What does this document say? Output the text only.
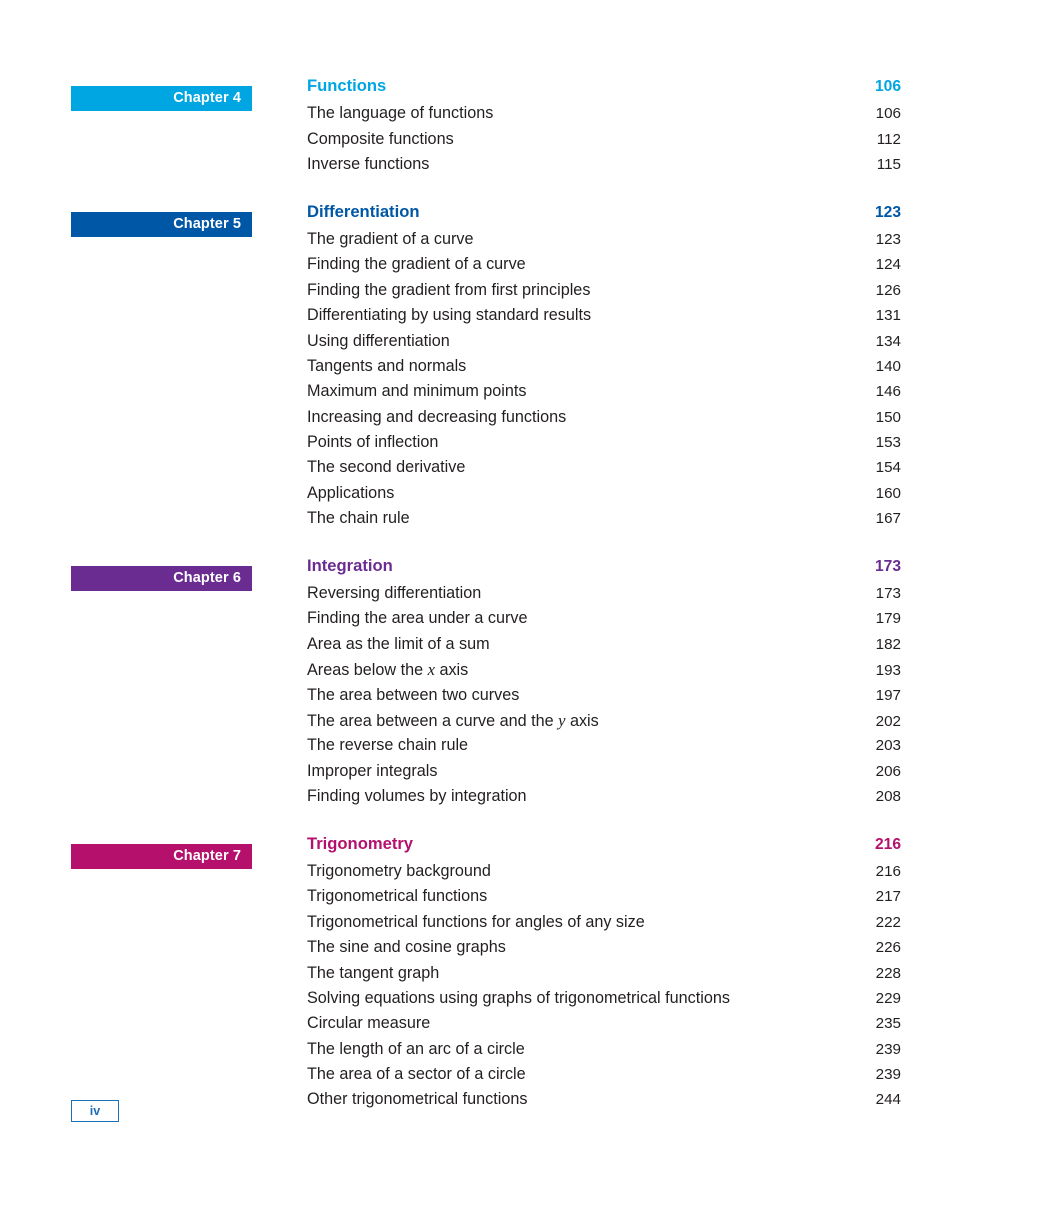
Chapter 4
Functions	106
The language of functions	106
Composite functions	112
Inverse functions	115
Chapter 5
Differentiation	123
The gradient of a curve	123
Finding the gradient of a curve	124
Finding the gradient from first principles	126
Differentiating by using standard results	131
Using differentiation	134
Tangents and normals	140
Maximum and minimum points	146
Increasing and decreasing functions	150
Points of inflection	153
The second derivative	154
Applications	160
The chain rule	167
Chapter 6
Integration	173
Reversing differentiation	173
Finding the area under a curve	179
Area as the limit of a sum	182
Areas below the x axis	193
The area between two curves	197
The area between a curve and the y axis	202
The reverse chain rule	203
Improper integrals	206
Finding volumes by integration	208
Chapter 7
Trigonometry	216
Trigonometry background	216
Trigonometrical functions	217
Trigonometrical functions for angles of any size	222
The sine and cosine graphs	226
The tangent graph	228
Solving equations using graphs of trigonometrical functions	229
Circular measure	235
The length of an arc of a circle	239
The area of a sector of a circle	239
Other trigonometrical functions	244
iv
